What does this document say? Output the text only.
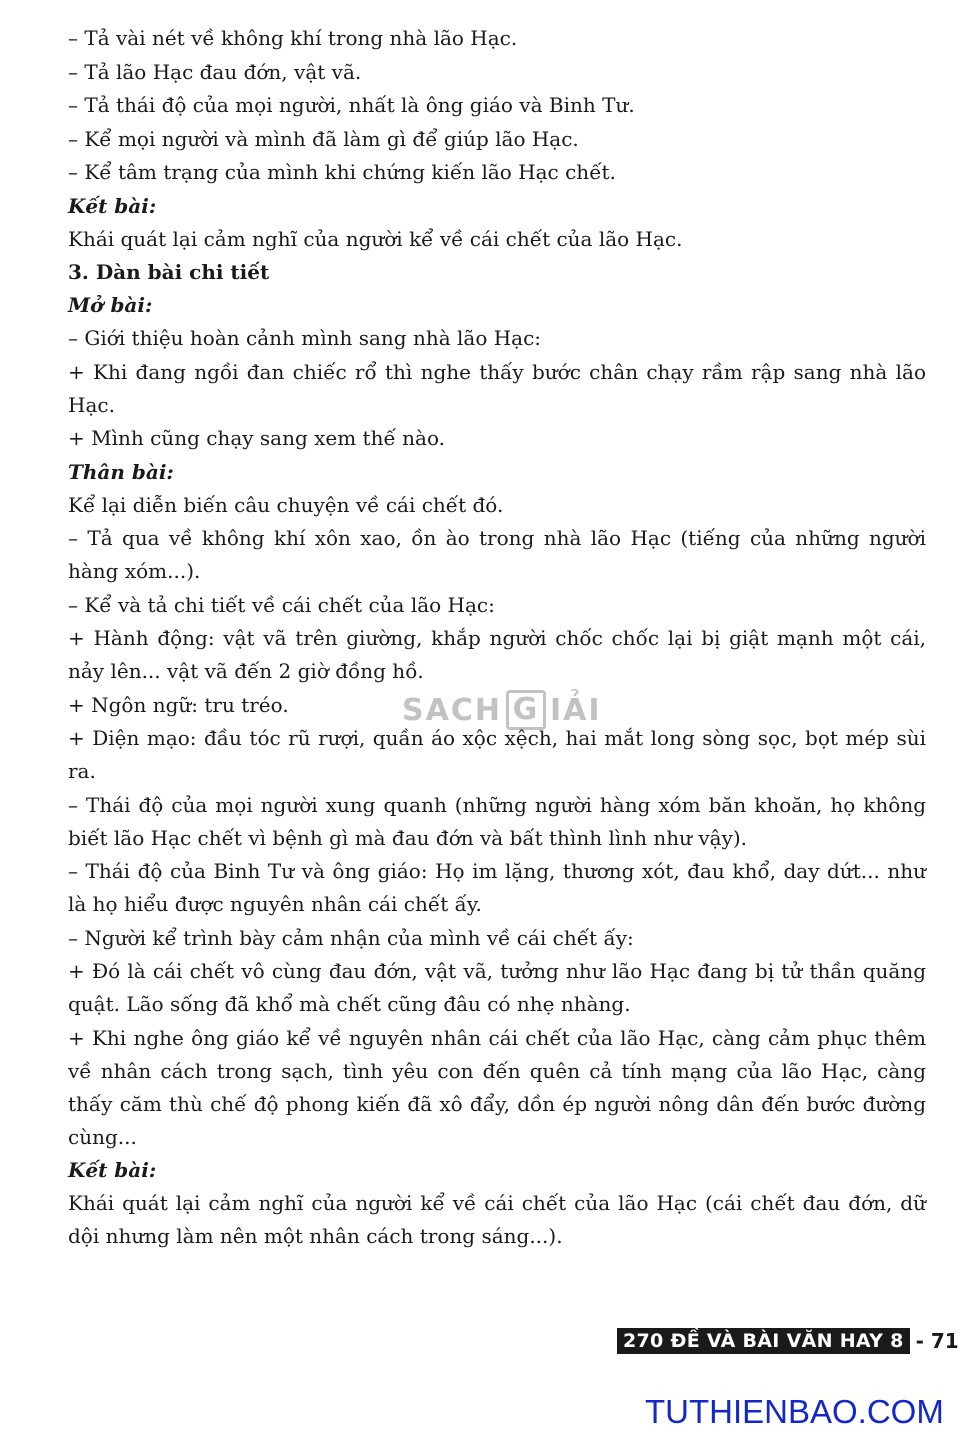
– Tả vài nét về không khí trong nhà lão Hạc.

– Tả lão Hạc đau đớn, vật vã.

– Tả thái độ của mọi người, nhất là ông giáo và Binh Tư.

– Kể mọi người và mình đã làm gì để giúp lão Hạc.

– Kể tâm trạng của mình khi chứng kiến lão Hạc chết.

Kết bài:

Khái quát lại cảm nghĩ của người kể về cái chết của lão Hạc.

3. Dàn bài chi tiết

Mở bài:

– Giới thiệu hoàn cảnh mình sang nhà lão Hạc:

+ Khi đang ngồi đan chiếc rổ thì nghe thấy bước chân chạy rầm rập sang nhà lão Hạc.

+ Mình cũng chạy sang xem thế nào.

Thân bài:

Kể lại diễn biến câu chuyện về cái chết đó.

– Tả qua về không khí xôn xao, ồn ào trong nhà lão Hạc (tiếng của những người hàng xóm...).

– Kể và tả chi tiết về cái chết của lão Hạc:

+ Hành động: vật vã trên giường, khắp người chốc chốc lại bị giật mạnh một cái, nảy lên... vật vã đến 2 giờ đồng hồ.

+ Ngôn ngữ: tru tréo.

+ Diện mạo: đầu tóc rũ rượi, quần áo xộc xệch, hai mắt long sòng sọc, bọt mép sùi ra.

– Thái độ của mọi người xung quanh (những người hàng xóm băn khoăn, họ không biết lão Hạc chết vì bệnh gì mà đau đớn và bất thình lình như vậy).

– Thái độ của Binh Tư và ông giáo: Họ im lặng, thương xót, đau khổ, day dứt... như là họ hiểu được nguyên nhân cái chết ấy.

– Người kể trình bày cảm nhận của mình về cái chết ấy:

+ Đó là cái chết vô cùng đau đớn, vật vã, tưởng như lão Hạc đang bị tử thần quăng quật. Lão sống đã khổ mà chết cũng đâu có nhẹ nhàng.

+ Khi nghe ông giáo kể về nguyên nhân cái chết của lão Hạc, càng cảm phục thêm về nhân cách trong sạch, tình yêu con đến quên cả tính mạng của lão Hạc, càng thấy căm thù chế độ phong kiến đã xô đẩy, dồn ép người nông dân đến bước đường cùng...

Kết bài:

Khái quát lại cảm nghĩ của người kể về cái chết của lão Hạc (cái chết đau đớn, dữ dội nhưng làm nên một nhân cách trong sáng...).

SACH G IẢI
270 ĐỀ VÀ BÀI VĂN HAY 8 - 71
TUTHIENBAO.COM
